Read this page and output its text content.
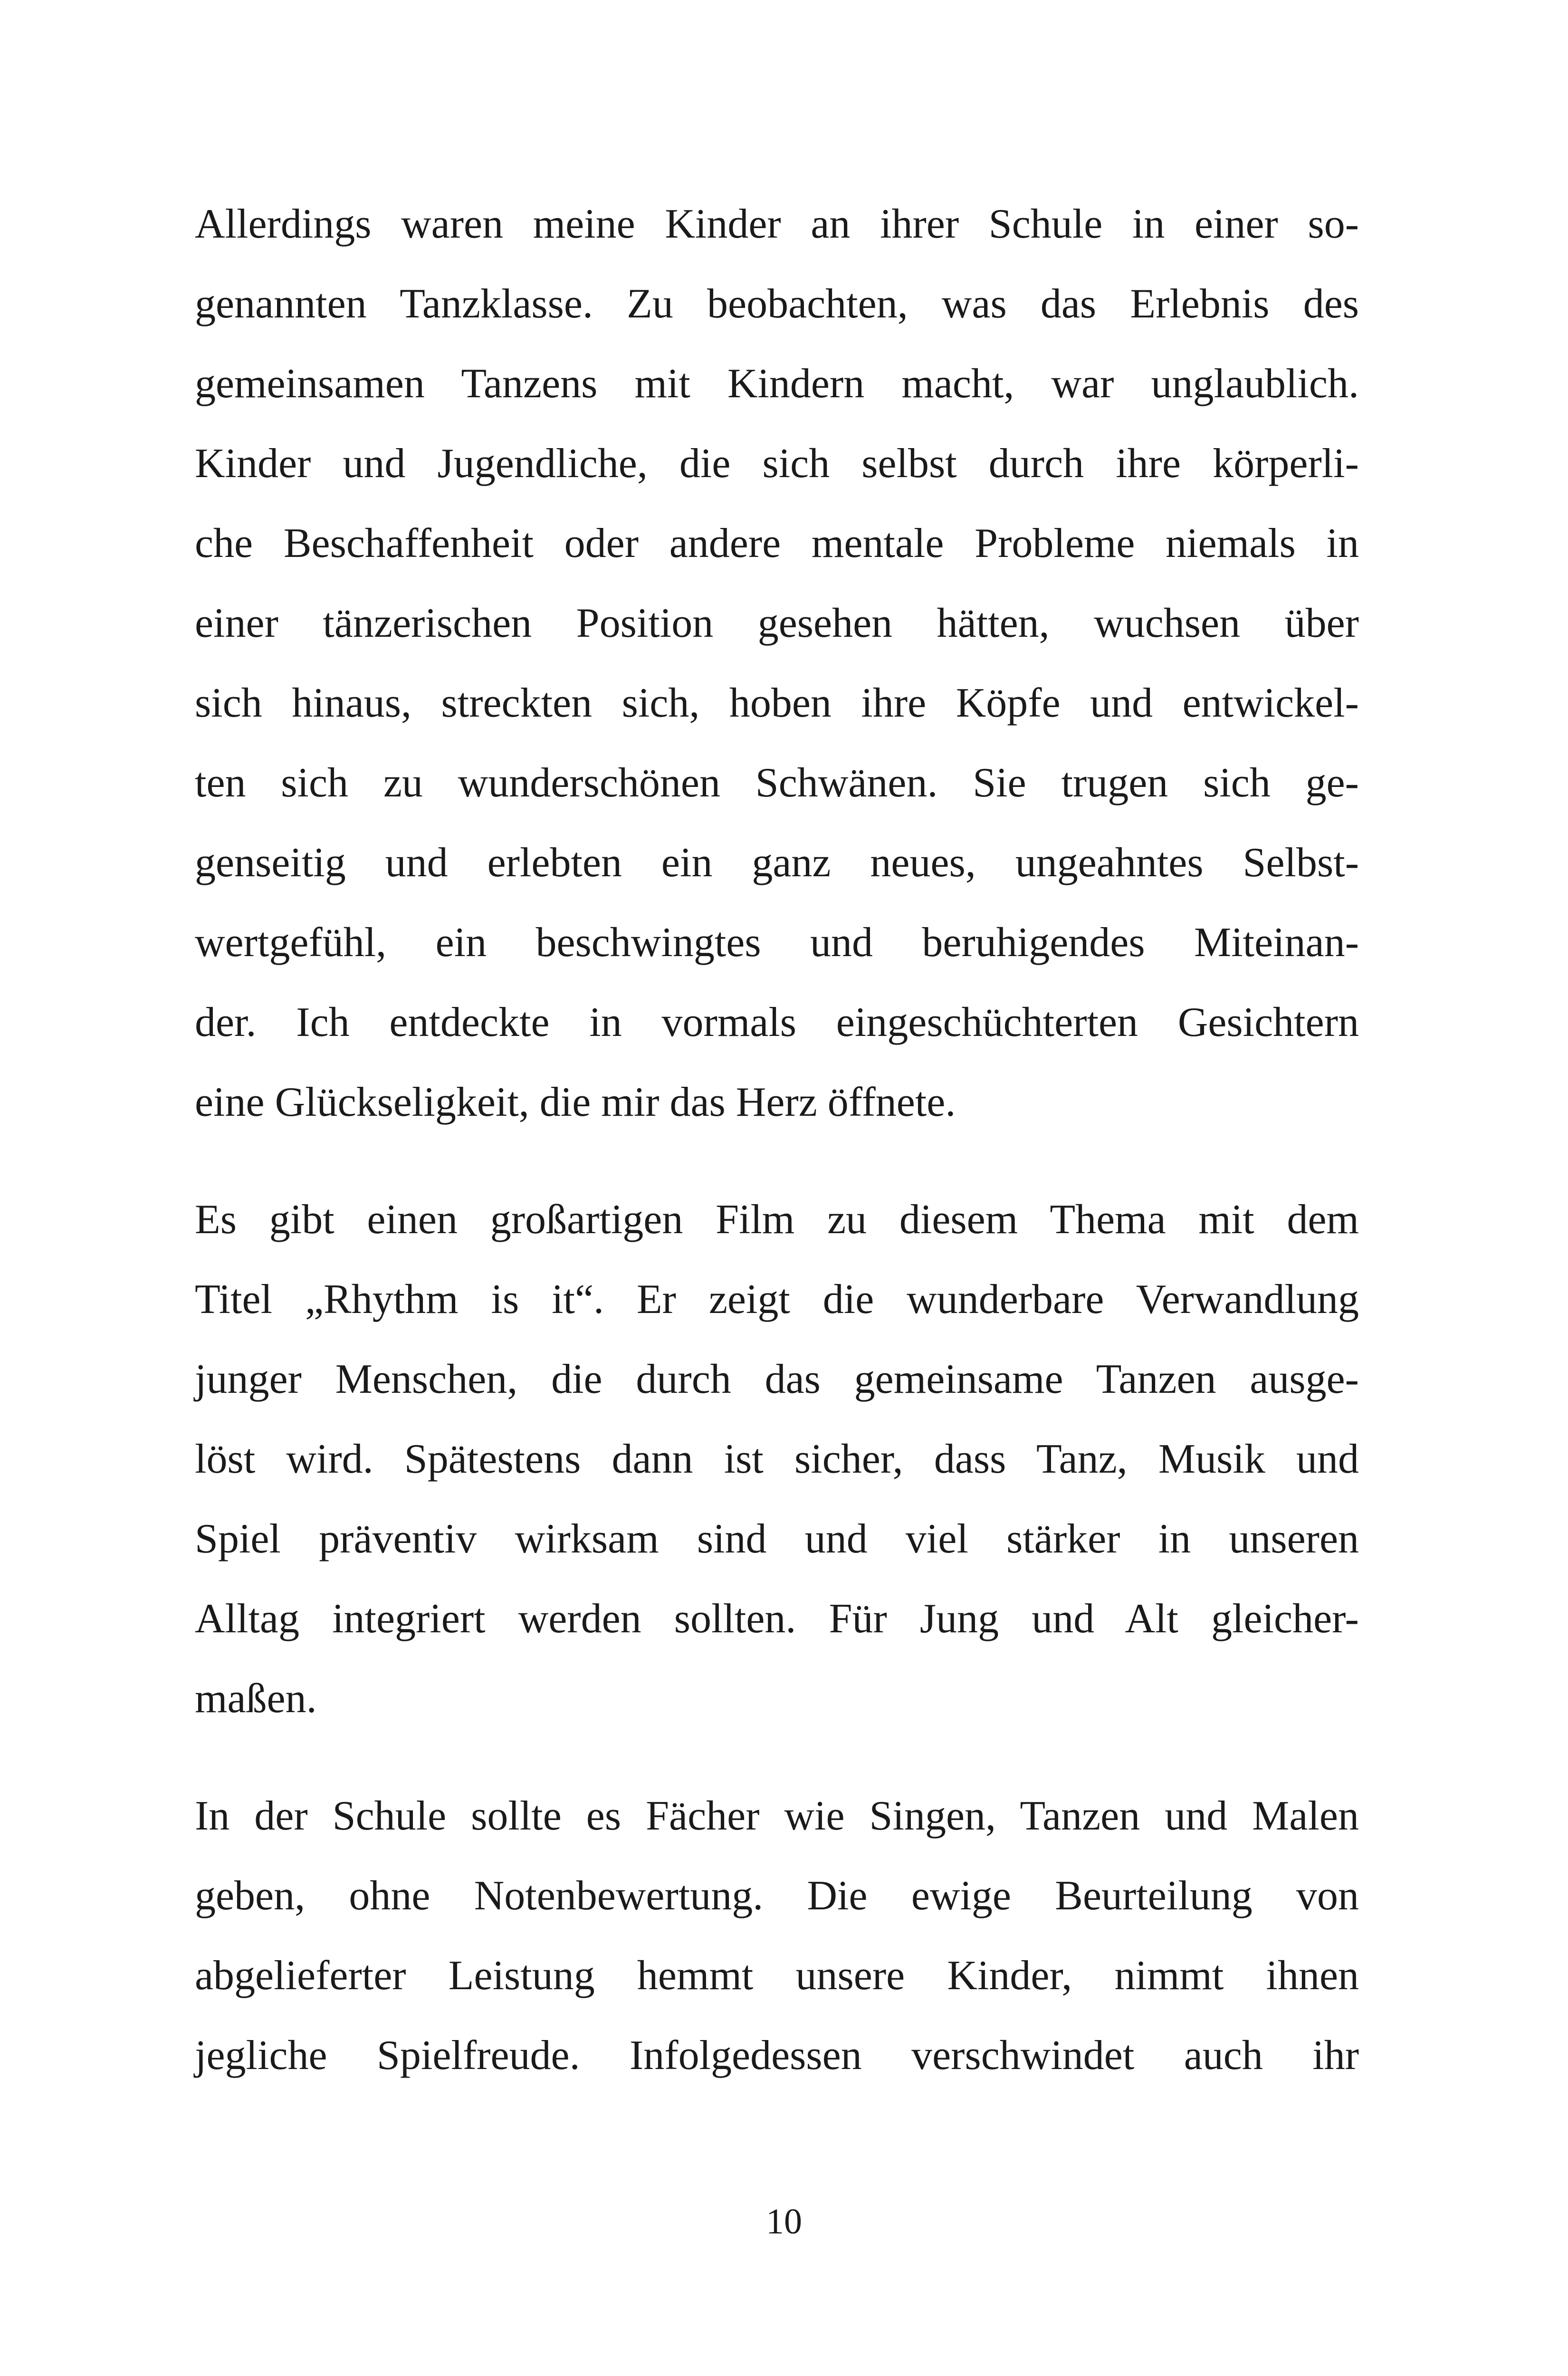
Allerdings waren meine Kinder an ihrer Schule in einer so-
genannten Tanzklasse. Zu beobachten, was das Erlebnis des
gemeinsamen Tanzens mit Kindern macht, war unglaublich.
Kinder und Jugendliche, die sich selbst durch ihre körperli-
che Beschaffenheit oder andere mentale Probleme niemals in
einer tänzerischen Position gesehen hätten, wuchsen über
sich hinaus, streckten sich, hoben ihre Köpfe und entwickel-
ten sich zu wunderschönen Schwänen. Sie trugen sich ge-
genseitig und erlebten ein ganz neues, ungeahntes Selbst-
wertgefühl, ein beschwingtes und beruhigendes Miteinan-
der. Ich entdeckte in vormals eingeschüchterten Gesichtern
eine Glückseligkeit, die mir das Herz öffnete.
Es gibt einen großartigen Film zu diesem Thema mit dem
Titel „Rhythm is it“. Er zeigt die wunderbare Verwandlung
junger Menschen, die durch das gemeinsame Tanzen ausge-
löst wird. Spätestens dann ist sicher, dass Tanz, Musik und
Spiel präventiv wirksam sind und viel stärker in unseren
Alltag integriert werden sollten. Für Jung und Alt gleicher-
maßen.
In der Schule sollte es Fächer wie Singen, Tanzen und Malen
geben, ohne Notenbewertung. Die ewige Beurteilung von
abgelieferter Leistung hemmt unsere Kinder, nimmt ihnen
jegliche Spielfreude. Infolgedessen verschwindet auch ihr
10
